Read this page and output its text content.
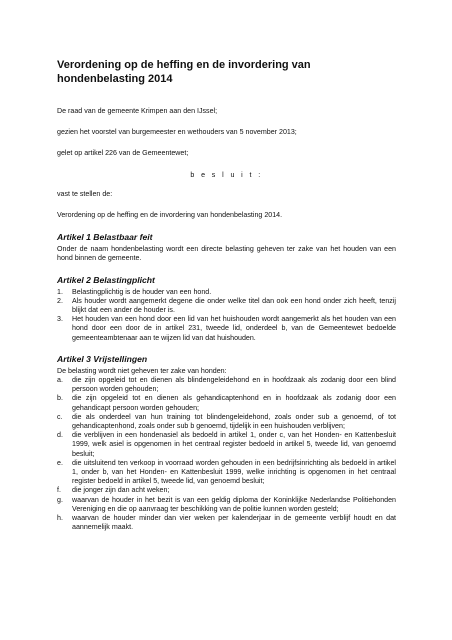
Verordening op de heffing en de invordering van hondenbelasting 2014

De raad van de gemeente Krimpen aan den IJssel;

gezien het voorstel van burgemeester en wethouders van 5 november 2013;

gelet op artikel 226 van de Gemeentewet;

b e s l u i t :

vast te stellen de:

Verordening op de heffing en de invordering van hondenbelasting 2014.

Artikel 1 Belastbaar feit

Onder de naam hondenbelasting wordt een directe belasting geheven ter zake van het houden van een hond binnen de gemeente.

Artikel 2 Belastingplicht
1.	Belastingplichtig is de houder van een hond.
2.	Als houder wordt aangemerkt degene die onder welke titel dan ook een hond onder zich heeft, tenzij blijkt dat een ander de houder is.
3.	Het houden van een hond door een lid van het huishouden wordt aangemerkt als het houden van een hond door een door de in artikel 231, tweede lid, onderdeel b, van de Gemeentewet bedoelde gemeenteambtenaar aan te wijzen lid van dat huishouden.
Artikel 3 Vrijstellingen

De belasting wordt niet geheven ter zake van honden:

a.	die zijn opgeleid tot en dienen als blindengeleidehond en in hoofdzaak als zodanig door een blind persoon worden gehouden;
b.	die zijn opgeleid tot en dienen als gehandicaptenhond en in hoofdzaak als zodanig door een gehandicapt persoon worden gehouden;
c.	die als onderdeel van hun training tot blindengeleidehond, zoals onder sub a genoemd, of tot gehandicaptenhond, zoals onder sub b genoemd, tijdelijk in een huishouden verblijven;
d.	die verblijven in een hondenasiel als bedoeld in artikel 1, onder c, van het Honden- en Kattenbesluit 1999, welk asiel is opgenomen in het centraal register bedoeld in artikel 5, tweede lid, van genoemd besluit;
e.	die uitsluitend ten verkoop in voorraad worden gehouden in een bedrijfsinrichting als bedoeld in artikel 1, onder b, van het Honden- en Kattenbesluit 1999, welke inrichting is opgenomen in het centraal register bedoeld in artikel 5, tweede lid, van genoemd besluit;
f.	die jonger zijn dan acht weken;
g.	waarvan de houder in het bezit is van een geldig diploma der Koninklijke Nederlandse Politiehonden Vereniging en die op aanvraag ter beschikking van de politie kunnen worden gesteld;
h.	waarvan de houder minder dan vier weken per kalenderjaar in de gemeente verblijf houdt en dat aannemelijk maakt.
